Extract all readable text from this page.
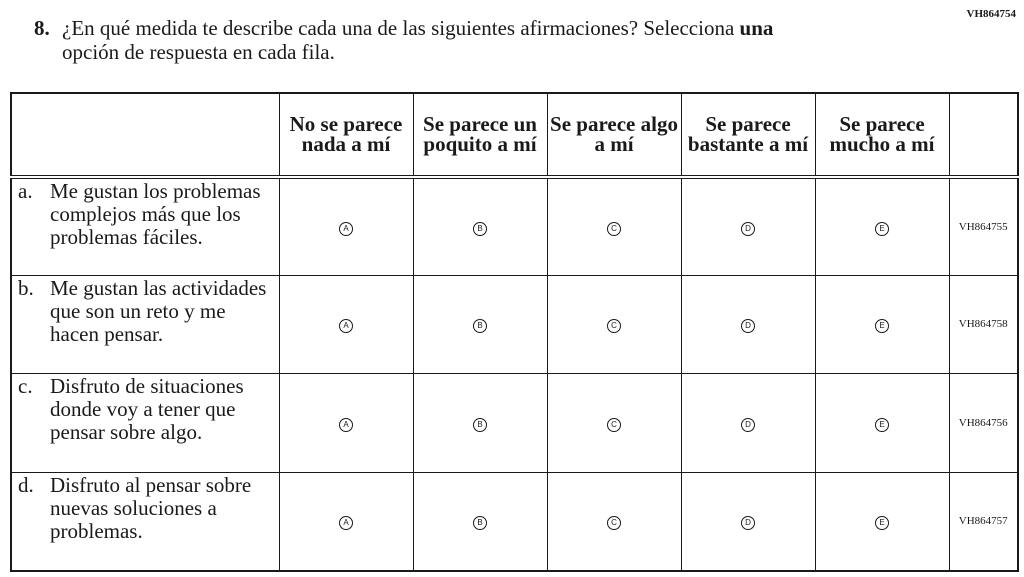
VH864754
8. ¿En qué medida te describe cada una de las siguientes afirmaciones? Selecciona una
opción de respuesta en cada fila.
	No se parece nada a mí	Se parece un poquito a mí	Se parece algo a mí	Se parece bastante a mí	Se parece mucho a mí	

a. Me gustan los problemas complejos más que los problemas fáciles.	A	B	C	D	E	VH864755

b. Me gustan las actividades que son un reto y me hacen pensar.	A	B	C	D	E	VH864758

c. Disfruto de situaciones donde voy a tener que pensar sobre algo.	A	B	C	D	E	VH864756

d. Disfruto al pensar sobre nuevas soluciones a problemas.	A	B	C	D	E	VH864757
